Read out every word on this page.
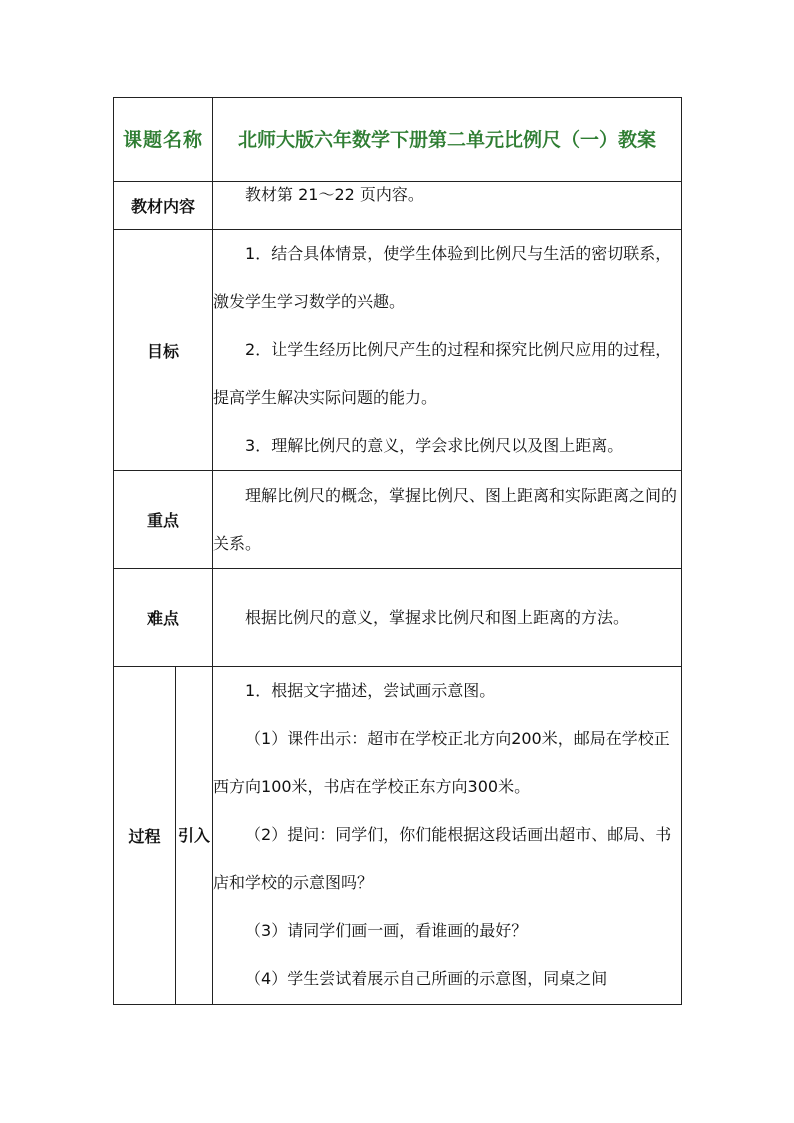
课题名称		北师大版六年数学下册第二单元比例尺（一）教案
教材内容		教材第 21～22 页内容。

目标		1．结合具体情景，使学生体验到比例尺与生活的密切联系，激发学生学习数学的兴趣。

2．让学生经历比例尺产生的过程和探究比例尺应用的过程，提高学生解决实际问题的能力。

3．理解比例尺的意义，学会求比例尺以及图上距离。

重点		理解比例尺的概念，掌握比例尺、图上距离和实际距离之间的关系。

难点		根据比例尺的意义，掌握求比例尺和图上距离的方法。

过程	引入	1．根据文字描述，尝试画示意图。

（1）课件出示：超市在学校正北方向200米，邮局在学校正西方向100米，书店在学校正东方向300米。

（2）提问：同学们，你们能根据这段话画出超市、邮局、书店和学校的示意图吗？

（3）请同学们画一画，看谁画的最好？

（4）学生尝试着展示自己所画的示意图，同桌之间
